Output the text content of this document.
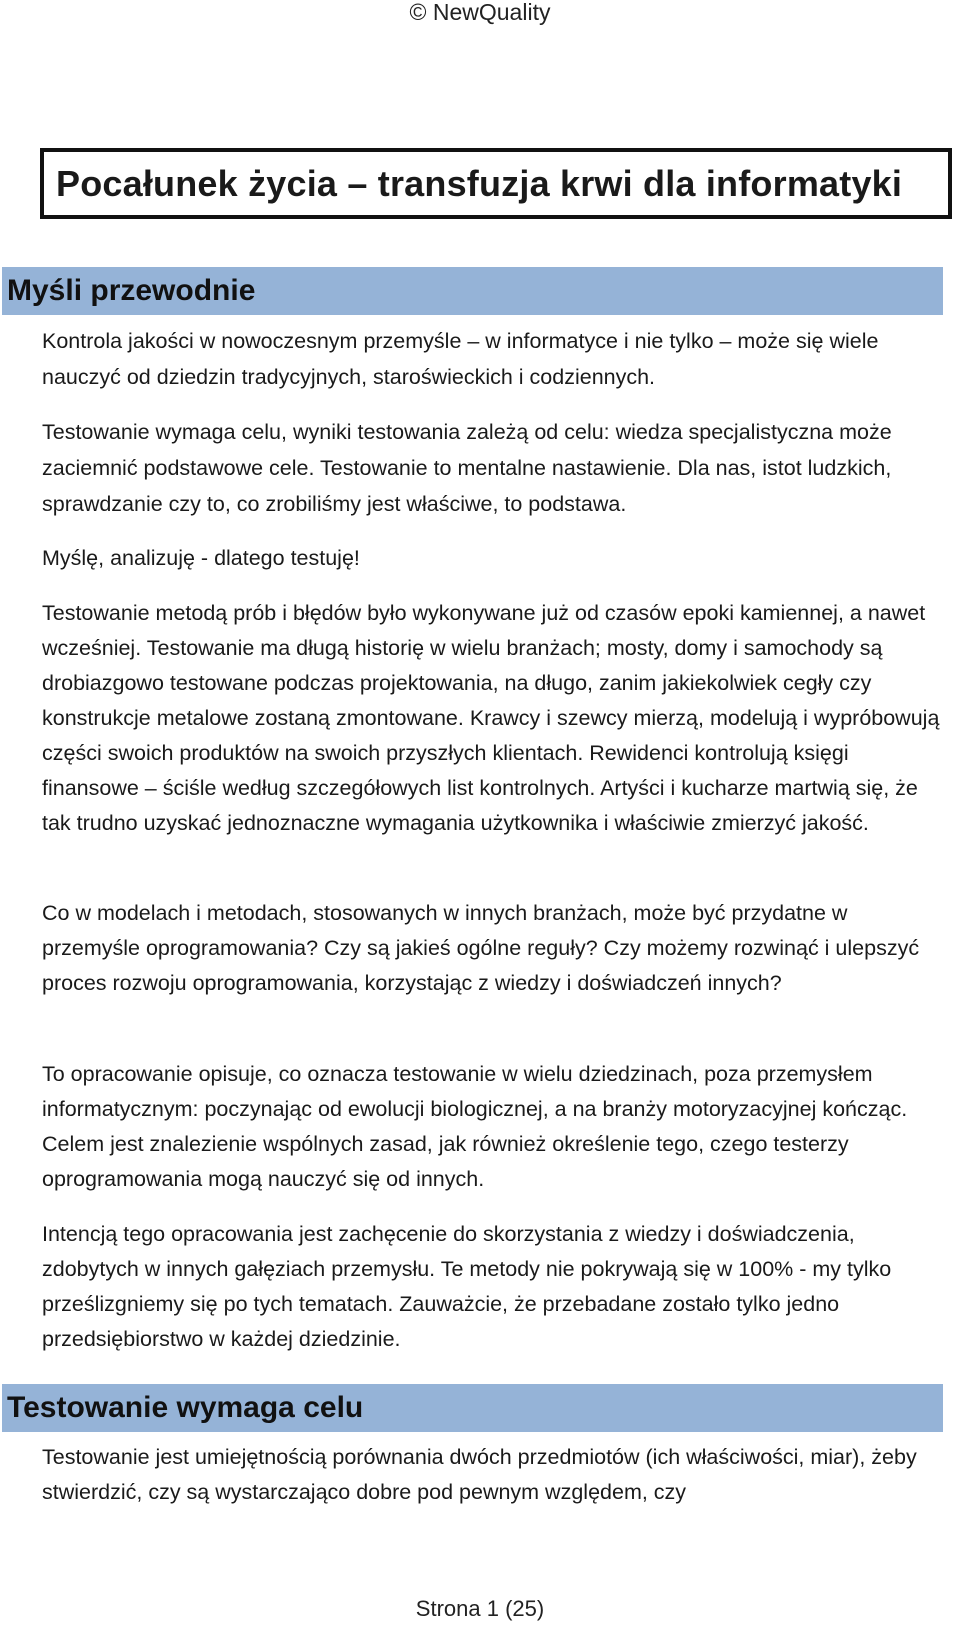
© NewQuality
Pocałunek życia – transfuzja krwi dla informatyki
Myśli przewodnie

Kontrola jakości w nowoczesnym przemyśle – w informatyce i nie tylko – może się wiele nauczyć od dziedzin tradycyjnych, staroświeckich i codziennych.

Testowanie wymaga celu, wyniki testowania zależą od celu: wiedza specjalistyczna może zaciemnić podstawowe cele. Testowanie to mentalne nastawienie. Dla nas, istot ludzkich, sprawdzanie czy to, co zrobiliśmy jest właściwe, to podstawa.

Myślę, analizuję - dlatego testuję!

Testowanie metodą prób i błędów było wykonywane już od czasów epoki kamiennej, a nawet wcześniej. Testowanie ma długą historię w wielu branżach; mosty, domy i samochody są drobiazgowo testowane podczas projektowania, na długo, zanim jakiekolwiek cegły czy konstrukcje metalowe zostaną zmontowane. Krawcy i szewcy mierzą, modelują i wypróbowują części swoich produktów na swoich przyszłych klientach. Rewidenci kontrolują księgi finansowe – ściśle według szczegółowych list kontrolnych. Artyści i kucharze martwią się, że tak trudno uzyskać jednoznaczne wymagania użytkownika i właściwie zmierzyć jakość.

Co w modelach i metodach, stosowanych w innych branżach, może być przydatne w przemyśle oprogramowania? Czy są jakieś ogólne reguły? Czy możemy rozwinąć i ulepszyć proces rozwoju oprogramowania, korzystając z wiedzy i doświadczeń innych?

To opracowanie opisuje, co oznacza testowanie w wielu dziedzinach, poza przemysłem informatycznym: poczynając od ewolucji biologicznej, a na branży motoryzacyjnej kończąc. Celem jest znalezienie wspólnych zasad, jak również określenie tego, czego testerzy oprogramowania mogą nauczyć się od innych.

Intencją tego opracowania jest zachęcenie do skorzystania z wiedzy i doświadczenia, zdobytych w innych gałęziach przemysłu. Te metody nie pokrywają się w 100% - my tylko prześlizgniemy się po tych tematach. Zauważcie, że przebadane zostało tylko jedno przedsiębiorstwo w każdej dziedzinie.

Testowanie wymaga celu

Testowanie jest umiejętnością porównania dwóch przedmiotów (ich właściwości, miar), żeby stwierdzić, czy są wystarczająco dobre pod pewnym względem, czy

Strona 1 (25)
